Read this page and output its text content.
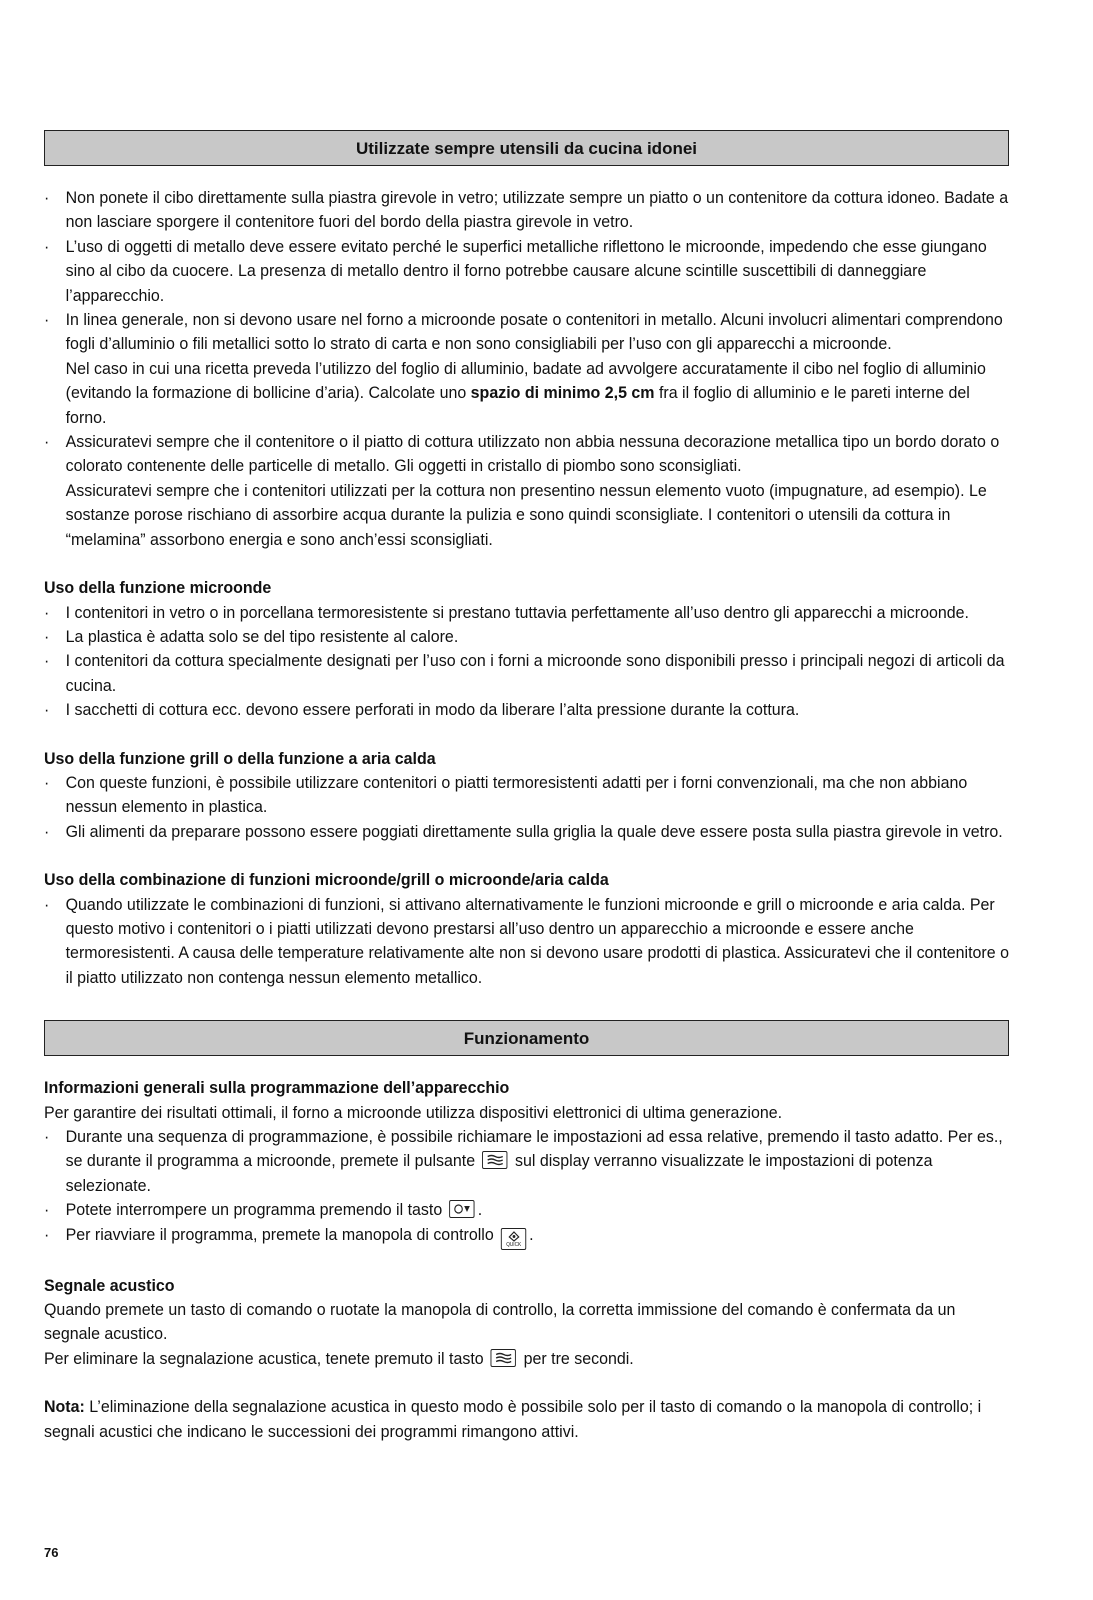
Utilizzate sempre utensili da cucina idonei
· Non ponete il cibo direttamente sulla piastra girevole in vetro; utilizzate sempre un piatto o un contenitore da cottura idoneo. Badate a non lasciare sporgere il contenitore fuori del bordo della piastra girevole in vetro.
· L’uso di oggetti di metallo deve essere evitato perché le superfici metalliche riflettono le microonde, impedendo che esse giungano sino al cibo da cuocere. La presenza di metallo dentro il forno potrebbe causare alcune scintille suscettibili di danneggiare l’apparecchio.
· In linea generale, non si devono usare nel forno a microonde posate o contenitori in metallo. Alcuni involucri alimentari comprendono fogli d’alluminio o fili metallici sotto lo strato di carta e non sono consigliabili per l’uso con gli apparecchi a microonde.
Nel caso in cui una ricetta preveda l’utilizzo del foglio di alluminio, badate ad avvolgere accuratamente il cibo nel foglio di alluminio (evitando la formazione di bollicine d’aria). Calcolate uno spazio di minimo 2,5 cm fra il foglio di alluminio e le pareti interne del forno.
· Assicuratevi sempre che il contenitore o il piatto di cottura utilizzato non abbia nessuna decorazione metallica tipo un bordo dorato o colorato contenente delle particelle di metallo. Gli oggetti in cristallo di piombo sono sconsigliati.
Assicuratevi sempre che i contenitori utilizzati per la cottura non presentino nessun elemento vuoto (impugnature, ad esempio). Le sostanze porose rischiano di assorbire acqua durante la pulizia e sono quindi sconsigliate. I contenitori o utensili da cottura in “melamina” assorbono energia e sono anch’essi sconsigliati.
Uso della funzione microonde
· I contenitori in vetro o in porcellana termoresistente si prestano tuttavia perfettamente all’uso dentro gli apparecchi a microonde.
· La plastica è adatta solo se del tipo resistente al calore.
· I contenitori da cottura specialmente designati per l’uso con i forni a microonde sono disponibili presso i principali negozi di articoli da cucina.
· I sacchetti di cottura ecc. devono essere perforati in modo da liberare l’alta pressione durante la cottura.
Uso della funzione grill o della funzione a aria calda
· Con queste funzioni, è possibile utilizzare contenitori o piatti termoresistenti adatti per i forni convenzionali, ma che non abbiano nessun elemento in plastica.
· Gli alimenti da preparare possono essere poggiati direttamente sulla griglia la quale deve essere posta sulla piastra girevole in vetro.
Uso della combinazione di funzioni microonde/grill o microonde/aria calda
· Quando utilizzate le combinazioni di funzioni, si attivano alternativamente le funzioni microonde e grill o microonde e aria calda. Per questo motivo i contenitori o i piatti utilizzati devono prestarsi all’uso dentro un apparecchio a microonde e essere anche termoresistenti. A causa delle temperature relativamente alte non si devono usare prodotti di plastica. Assicuratevi che il contenitore o il piatto utilizzato non contenga nessun elemento metallico.
Funzionamento
Informazioni generali sulla programmazione dell’apparecchio
Per garantire dei risultati ottimali, il forno a microonde utilizza dispositivi elettronici di ultima generazione.
· Durante una sequenza di programmazione, è possibile richiamare le impostazioni ad essa relative, premendo il tasto adatto. Per es., se durante il programma a microonde, premete il pulsante
sul display verranno visualizzate le impostazioni di potenza selezionate.
· Potete interrompere un programma premendo il tasto
.
· Per riavviare il programma, premete la manopola di controllo
QUICK
.
Segnale acustico
Quando premete un tasto di comando o ruotate la manopola di controllo, la corretta immissione del comando è confermata da un segnale acustico.
Per eliminare la segnalazione acustica, tenete premuto il tasto
per tre secondi.
Nota: L’eliminazione della segnalazione acustica in questo modo è possibile solo per il tasto di comando o la manopola di controllo; i segnali acustici che indicano le successioni dei programmi rimangono attivi.
76
